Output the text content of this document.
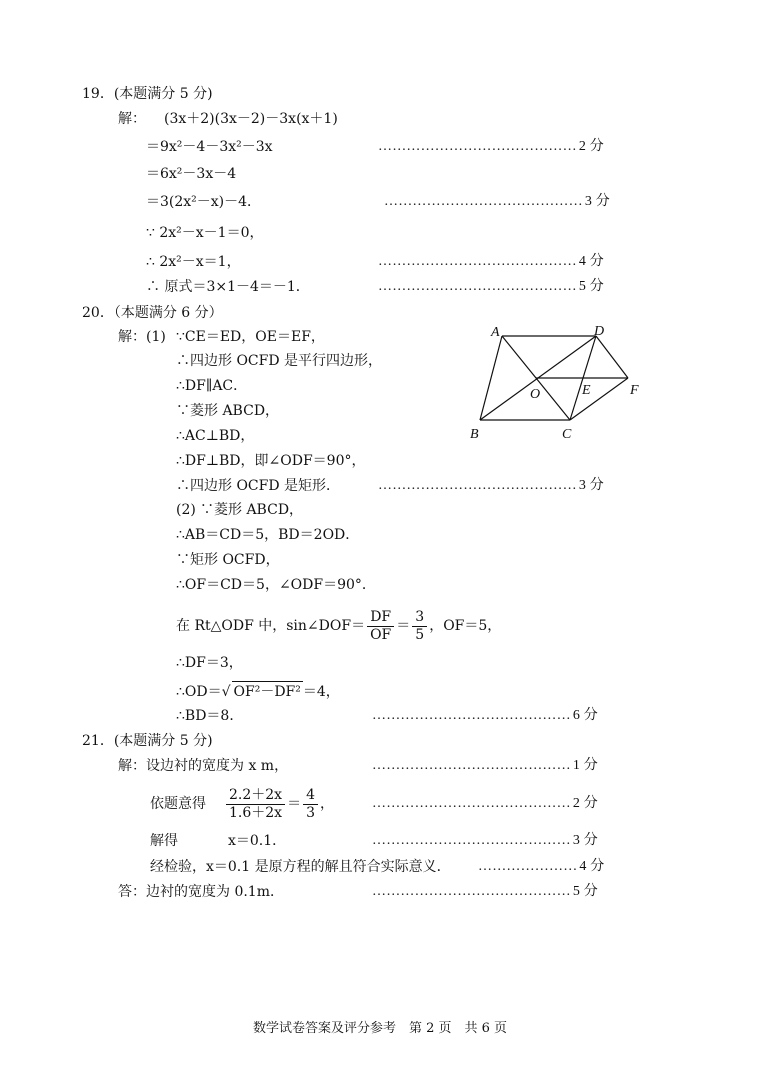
19．(本题满分 5 分)
解： (3x＋2)(3x－2)－3x(x＋1)
＝9x²－4－3x²－3x	…………………………………… 2 分
＝6x²－3x－4
＝3(2x²－x)－4．	…………………………………… 3 分
∵ 2x²－x－1＝0，
∴ 2x²－x＝1，	…………………………………… 4 分
∴ 原式＝3×1－4＝－1．	…………………………………… 5 分
20．（本题满分 6 分）
解：(1) ∵CE＝ED，OE＝EF，
∴四边形 OCFD 是平行四边形，
∴DF∥AC．
∵菱形 ABCD，
∴AC⊥BD，
∴DF⊥BD，即∠ODF＝90°，
∴四边形 OCFD 是矩形．	…………………………………… 3 分
(2) ∵菱形 ABCD，
∴AB＝CD＝5，BD＝2OD．
∵矩形 OCFD，
∴OF＝CD＝5，∠ODF＝90°．
在 Rt△ODF 中，sin∠DOF＝ $\frac{DF}{OF} = \frac{3}{5}$ ，OF＝5，
∴DF＝3，
∴OD＝√ OF²－DF² ＝4，
∴BD＝8．	…………………………………… 6 分
A	D
B	C
O	E	F
21．(本题满分 5 分)
解：设边衬的宽度为 x m，	…………………………………… 1 分
依题意得 $\frac{2.2+2x}{1.6+2x} = \frac{4}{3}$ ，	…………………………………… 2 分
解得	x＝0.1．	…………………………………… 3 分
经检验，x＝0.1 是原方程的解且符合实际意义． ………………… 4 分
答：边衬的宽度为 0.1m．	…………………………………… 5 分
数学试卷答案及评分参考　第 2 页　共 6 页
